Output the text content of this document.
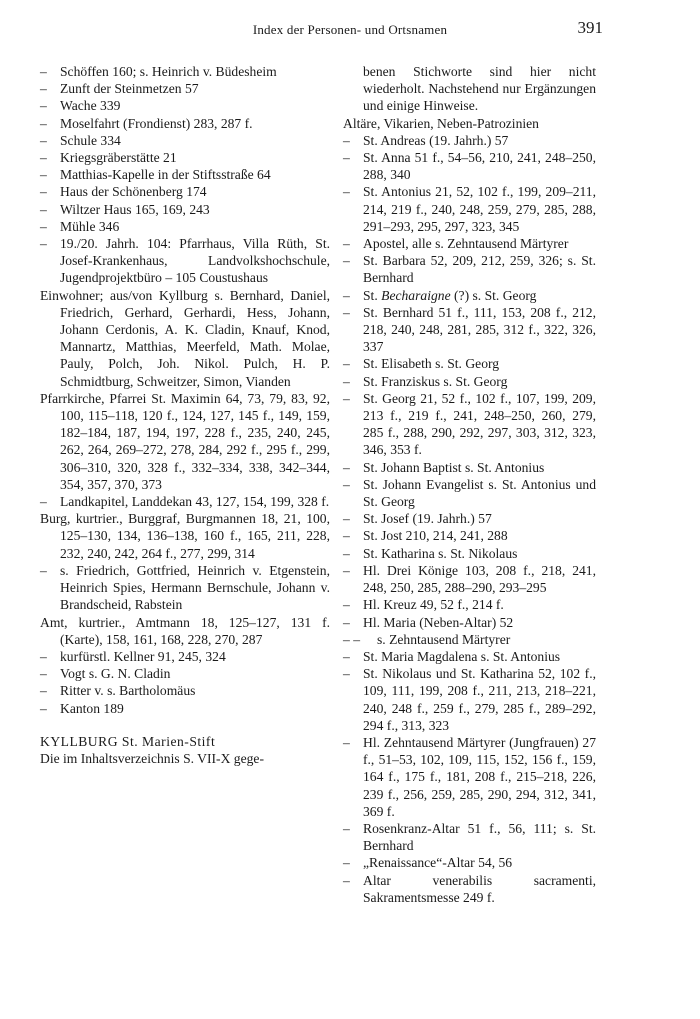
Index der Personen- und Ortsnamen	391

– Schöffen 160; s. Heinrich v. Büdesheim

– Zunft der Steinmetzen 57

– Wache 339

– Moselfahrt (Frondienst) 283, 287 f.

– Schule 334

– Kriegsgräberstätte 21

– Matthias-Kapelle in der Stiftsstraße 64

– Haus der Schönenberg 174

– Wiltzer Haus 165, 169, 243

– Mühle 346

– 19./20. Jahrh. 104: Pfarrhaus, Villa Rüth, St. Josef-Krankenhaus, Landvolkshochschule, Jugendprojektbüro – 105 Coustushaus

Einwohner; aus/von Kyllburg s. Bernhard, Daniel, Friedrich, Gerhard, Gerhardi, Hess, Johann, Johann Cerdonis, A. K. Cladin, Knauf, Knod, Mannartz, Matthias, Meerfeld, Math. Molae, Pauly, Polch, Joh. Nikol. Pulch, H. P. Schmidtburg, Schweitzer, Simon, Vianden

Pfarrkirche, Pfarrei St. Maximin 64, 73, 79, 83, 92, 100, 115–118, 120 f., 124, 127, 145 f., 149, 159, 182–184, 187, 194, 197, 228 f., 235, 240, 245, 262, 264, 269–272, 278, 284, 292 f., 295 f., 299, 306–310, 320, 328 f., 332–334, 338, 342–344, 354, 357, 370, 373

– Landkapitel, Landdekan 43, 127, 154, 199, 328 f.

Burg, kurtrier., Burggraf, Burgmannen 18, 21, 100, 125–130, 134, 136–138, 160 f., 165, 211, 228, 232, 240, 242, 264 f., 277, 299, 314

– s. Friedrich, Gottfried, Heinrich v. Etgenstein, Heinrich Spies, Hermann Bernschule, Johann v. Brandscheid, Rabstein

Amt, kurtrier., Amtmann 18, 125–127, 131 f. (Karte), 158, 161, 168, 228, 270, 287

– kurfürstl. Kellner 91, 245, 324

– Vogt s. G. N. Cladin

– Ritter v. s. Bartholomäus

– Kanton 189

KYLLBURG St. Marien-Stift

Die im Inhaltsverzeichnis S. VII-X gege-

benen Stichworte sind hier nicht wiederholt. Nachstehend nur Ergänzungen und einige Hinweise.

Altäre, Vikarien, Neben-Patrozinien

– St. Andreas (19. Jahrh.) 57

– St. Anna 51 f., 54–56, 210, 241, 248–250, 288, 340

– St. Antonius 21, 52, 102 f., 199, 209–211, 214, 219 f., 240, 248, 259, 279, 285, 288, 291–293, 295, 297, 323, 345

– Apostel, alle s. Zehntausend Märtyrer

– St. Barbara 52, 209, 212, 259, 326; s. St. Bernhard

– St. Becharaigne (?) s. St. Georg

– St. Bernhard 51 f., 111, 153, 208 f., 212, 218, 240, 248, 281, 285, 312 f., 322, 326, 337

– St. Elisabeth s. St. Georg

– St. Franziskus s. St. Georg

– St. Georg 21, 52 f., 102 f., 107, 199, 209, 213 f., 219 f., 241, 248–250, 260, 279, 285 f., 288, 290, 292, 297, 303, 312, 323, 346, 353 f.

– St. Johann Baptist s. St. Antonius

– St. Johann Evangelist s. St. Antonius und St. Georg

– St. Josef (19. Jahrh.) 57

– St. Jost 210, 214, 241, 288

– St. Katharina s. St. Nikolaus

– Hl. Drei Könige 103, 208 f., 218, 241, 248, 250, 285, 288–290, 293–295

– Hl. Kreuz 49, 52 f., 214 f.

– Hl. Maria (Neben-Altar) 52

– – s. Zehntausend Märtyrer

– St. Maria Magdalena s. St. Antonius

– St. Nikolaus und St. Katharina 52, 102 f., 109, 111, 199, 208 f., 211, 213, 218–221, 240, 248 f., 259 f., 279, 285 f., 289–292, 294 f., 313, 323

– Hl. Zehntausend Märtyrer (Jungfrauen) 27 f., 51–53, 102, 109, 115, 152, 156 f., 159, 164 f., 175 f., 181, 208 f., 215–218, 226, 239 f., 256, 259, 285, 290, 294, 312, 341, 369 f.

– Rosenkranz-Altar 51 f., 56, 111; s. St. Bernhard

– „Renaissance“-Altar 54, 56

– Altar venerabilis sacramenti, Sakramentsmesse 249 f.
